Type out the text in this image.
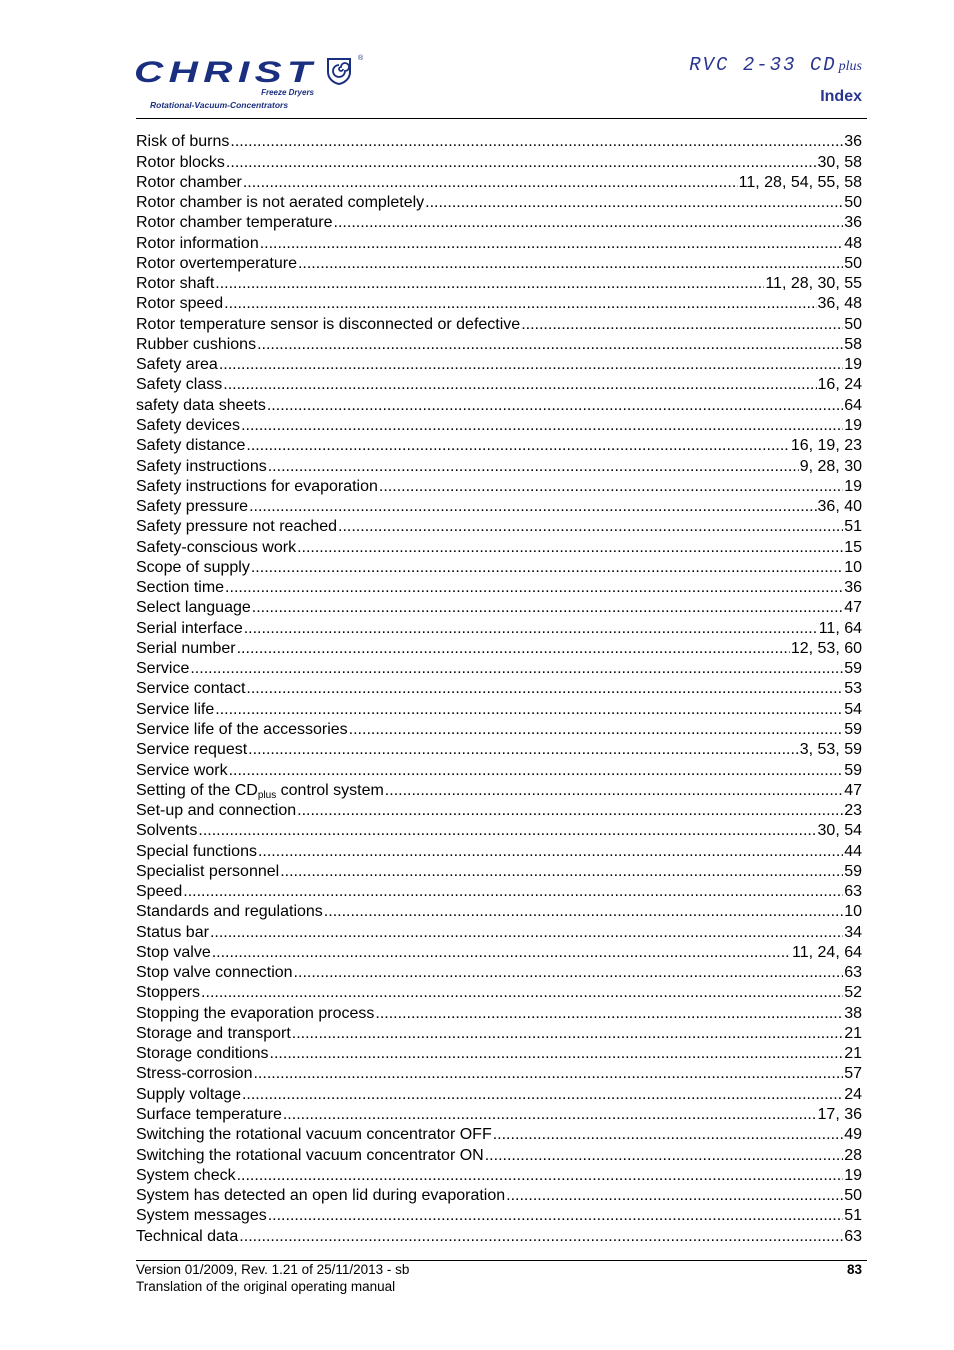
CHRIST	®
Freeze Dryers
Rotational-Vacuum-Concentrators
RVC 2-33 CD plus
Index
Risk of burns .....	36
Rotor blocks .....	30, 58
Rotor chamber .....	11, 28, 54, 55, 58
Rotor chamber is not aerated completely .....	50
Rotor chamber temperature .....	36
Rotor information .....	48
Rotor overtemperature .....	50
Rotor shaft .....	11, 28, 30, 55
Rotor speed .....	36, 48
Rotor temperature sensor is disconnected or defective .....	50
Rubber cushions .....	58
Safety area .....	19
Safety class .....	16, 24
safety data sheets .....	64
Safety devices .....	19
Safety distance .....	16, 19, 23
Safety instructions .....	9, 28, 30
Safety instructions for evaporation .....	19
Safety pressure .....	36, 40
Safety pressure not reached .....	51
Safety-conscious work .....	15
Scope of supply .....	10
Section time .....	36
Select language .....	47
Serial interface .....	11, 64
Serial number .....	12, 53, 60
Service .....	59
Service contact .....	53
Service life .....	54
Service life of the accessories .....	59
Service request .....	3, 53, 59
Service work .....	59
Setting of the $CD_{plus}$ control system .....	47
Set-up and connection .....	23
Solvents .....	30, 54
Special functions .....	44
Specialist personnel .....	59
Speed .....	63
Standards and regulations .....	10
Status bar .....	34
Stop valve .....	11, 24, 64
Stop valve connection .....	63
Stoppers .....	52
Stopping the evaporation process .....	38
Storage and transport .....	21
Storage conditions .....	21
Stress-corrosion .....	57
Supply voltage .....	24
Surface temperature .....	17, 36
Switching the rotational vacuum concentrator OFF .....	49
Switching the rotational vacuum concentrator ON .....	28
System check .....	19
System has detected an open lid during evaporation .....	50
System messages .....	51
Technical data .....	63
Version 01/2009, Rev. 1.21 of 25/11/2013 - sb
Translation of the original operating manual
83
